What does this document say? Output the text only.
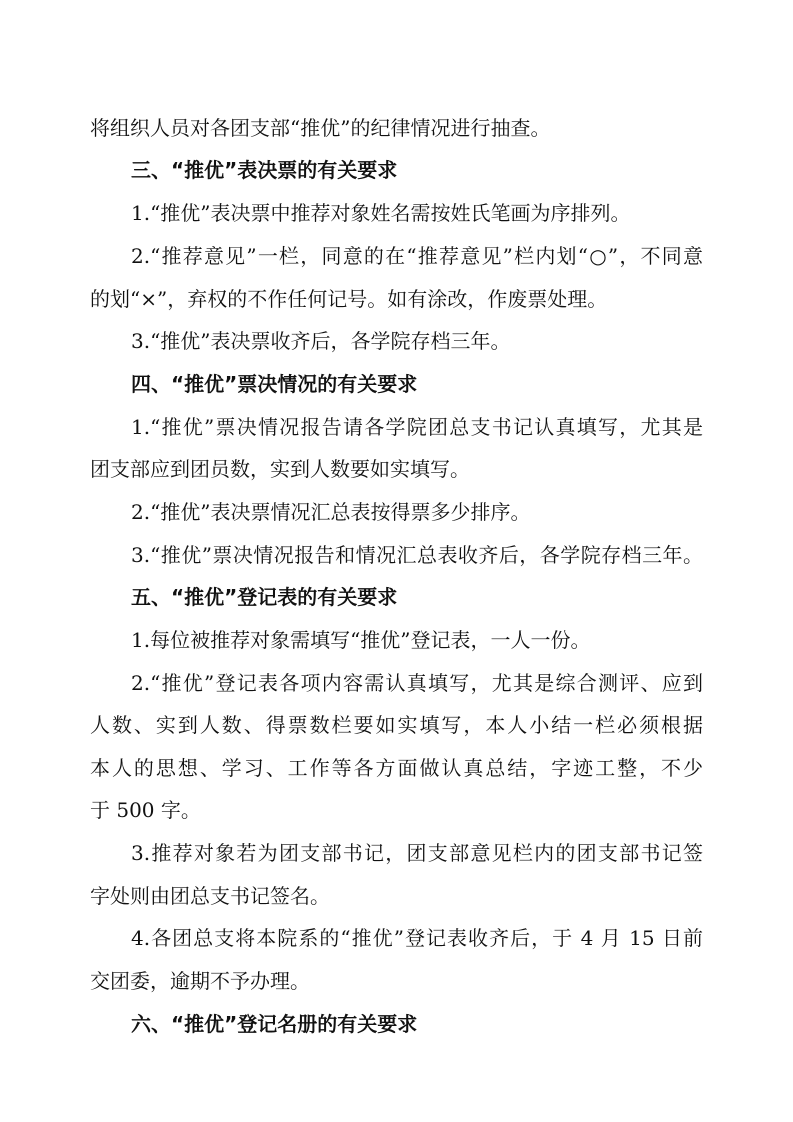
将组织人员对各团支部“推优”的纪律情况进行抽查。
三、“推优”表决票的有关要求
1.“推优”表决票中推荐对象姓名需按姓氏笔画为序排列。
2.“推荐意见”一栏，同意的在“推荐意见”栏内划“○”，不同意
的划“×”，弃权的不作任何记号。如有涂改，作废票处理。
3.“推优”表决票收齐后，各学院存档三年。
四、“推优”票决情况的有关要求
1.“推优”票决情况报告请各学院团总支书记认真填写，尤其是
团支部应到团员数，实到人数要如实填写。
2.“推优”表决票情况汇总表按得票多少排序。
3.“推优”票决情况报告和情况汇总表收齐后，各学院存档三年。
五、“推优”登记表的有关要求
1.每位被推荐对象需填写“推优”登记表，一人一份。
2.“推优”登记表各项内容需认真填写，尤其是综合测评、应到
人数、实到人数、得票数栏要如实填写，本人小结一栏必须根据
本人的思想、学习、工作等各方面做认真总结，字迹工整，不少
于 500 字。
3.推荐对象若为团支部书记，团支部意见栏内的团支部书记签
字处则由团总支书记签名。
4.各团总支将本院系的“推优”登记表收齐后，于 4 月 15 日前
交团委，逾期不予办理。
六、“推优”登记名册的有关要求
